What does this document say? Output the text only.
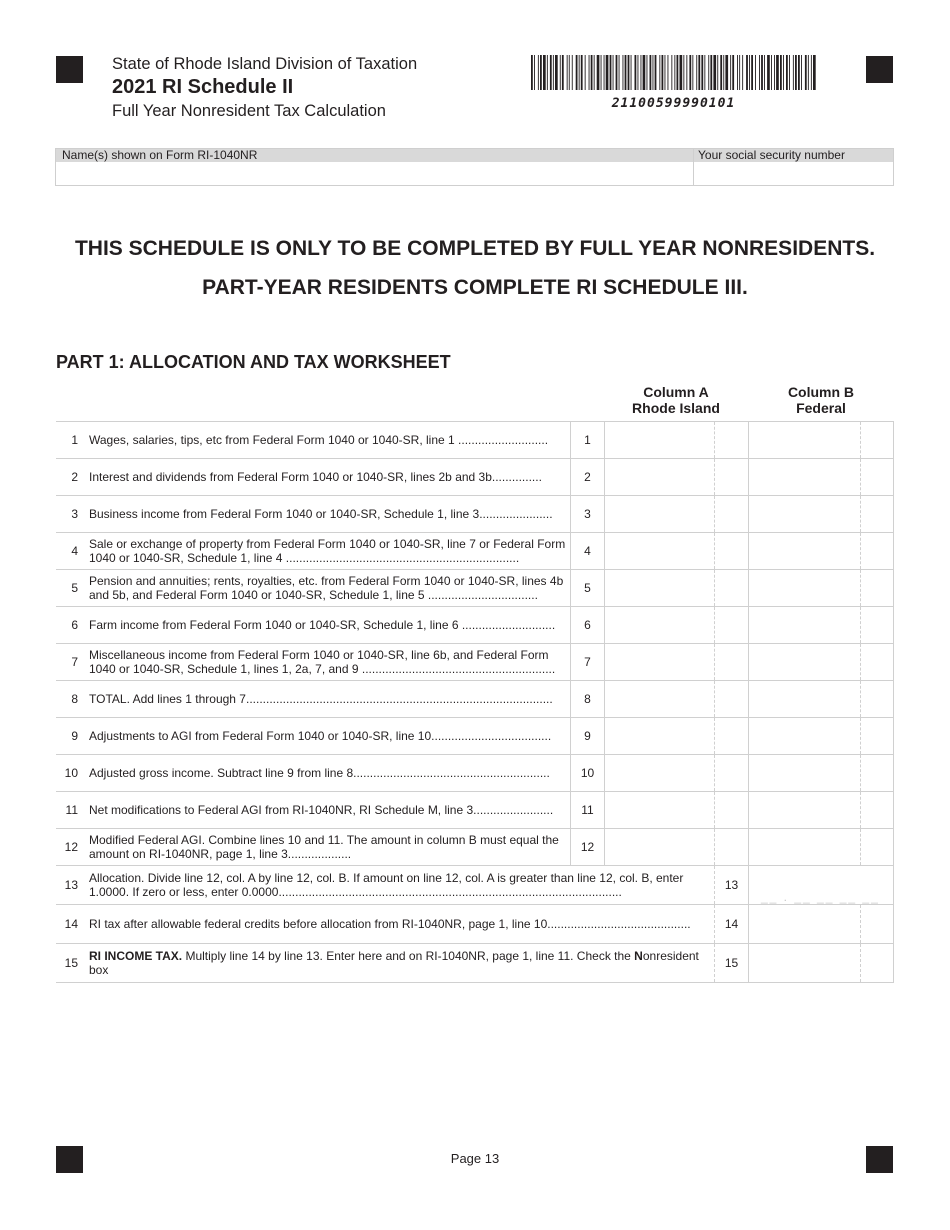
State of Rhode Island Division of Taxation
2021 RI Schedule II
Full Year Nonresident Tax Calculation	21100599990101
Name(s) shown on Form RI-1040NR	Your social security number
THIS SCHEDULE IS ONLY TO BE COMPLETED BY FULL YEAR NONRESIDENTS.
PART-YEAR RESIDENTS COMPLETE RI SCHEDULE III.
PART 1: ALLOCATION AND TAX WORKSHEET
Column A
Rhode Island
Column B
Federal
1 Wages, salaries, tips, etc from Federal Form 1040 or 1040-SR, line 1 ...........................	1
2 Interest and dividends from Federal Form 1040 or 1040-SR, lines 2b and 3b...............	2
3 Business income from Federal Form 1040 or 1040-SR, Schedule 1, line 3......................	3
4 Sale or exchange of property from Federal Form 1040 or 1040-SR, line 7 or Federal Form 1040 or 1040-SR, Schedule 1, line 4 ......................................................................	4
5 Pension and annuities; rents, royalties, etc. from Federal Form 1040 or 1040-SR, lines 4b and 5b, and Federal Form 1040 or 1040-SR, Schedule 1, line 5 .................................	5
6 Farm income from Federal Form 1040 or 1040-SR, Schedule 1, line 6 ............................	6
7 Miscellaneous income from Federal Form 1040 or 1040-SR, line 6b, and Federal Form 1040 or 1040-SR, Schedule 1, lines 1, 2a, 7, and 9 ..........................................................	7
8 TOTAL. Add lines 1 through 7............................................................................................	8
9 Adjustments to AGI from Federal Form 1040 or 1040-SR, line 10....................................	9
10 Adjusted gross income. Subtract line 9 from line 8...........................................................	10
11 Net modifications to Federal AGI from RI-1040NR, RI Schedule M, line 3........................	11
12 Modified Federal AGI. Combine lines 10 and 11. The amount in column B must equal the amount on RI-1040NR, page 1, line 3...................	12
13 Allocation. Divide line 12, col. A by line 12, col. B. If amount on line 12, col. A is greater than line 12, col. B, enter 1.0000. If zero or less, enter 0.0000.......................................................................................................	13
__ . __ __ __ __
14 RI tax after allowable federal credits before allocation from RI-1040NR, page 1, line 10...........................................	14
15 RI INCOME TAX. Multiply line 14 by line 13. Enter here and on RI-1040NR, page 1, line 11. Check the Nonresident box	15
Page 13
